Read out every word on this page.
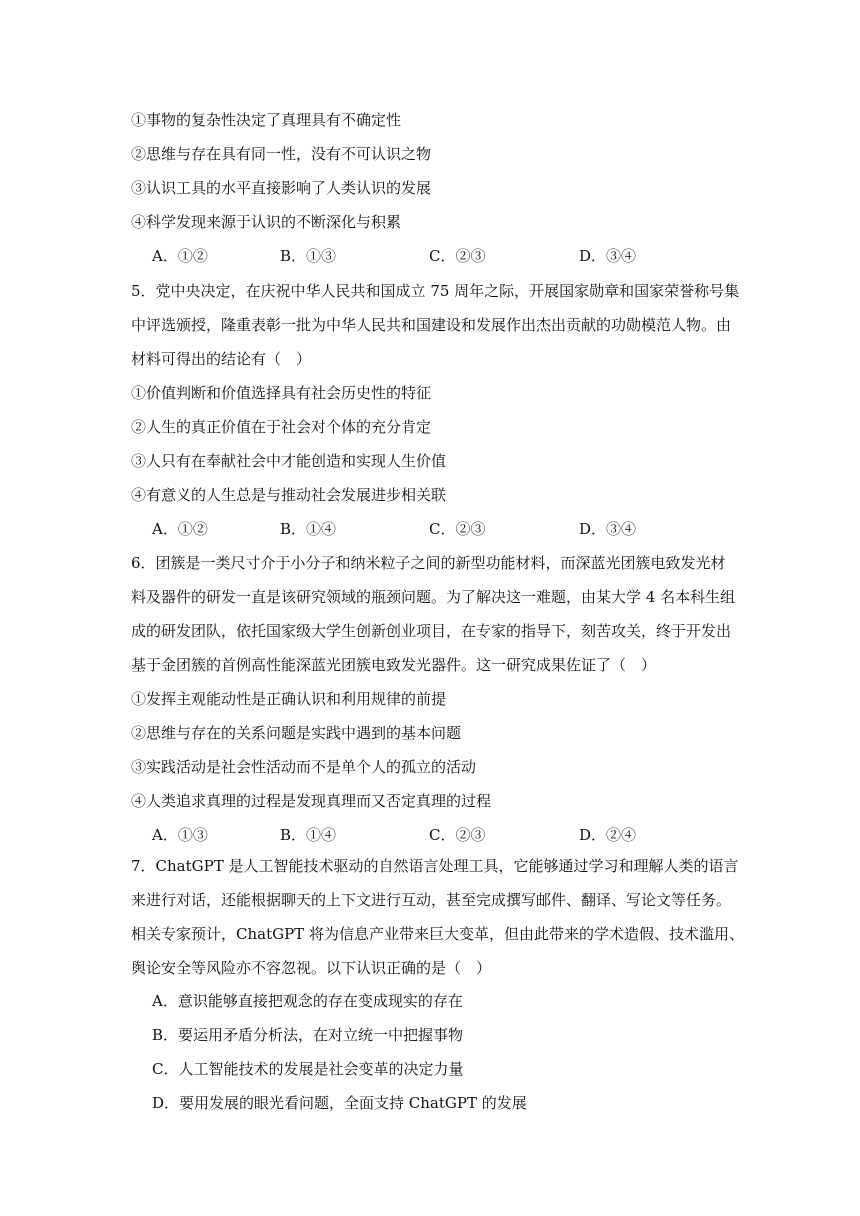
①事物的复杂性决定了真理具有不确定性
②思维与存在具有同一性，没有不可认识之物
③认识工具的水平直接影响了人类认识的发展
④科学发现来源于认识的不断深化与积累
A．①②	B．①③	C．②③	D．③④
5．党中央决定，在庆祝中华人民共和国成立 75 周年之际，开展国家勋章和国家荣誉称号集
中评选颁授，隆重表彰一批为中华人民共和国建设和发展作出杰出贡献的功勋模范人物。由
材料可得出的结论有（　）
①价值判断和价值选择具有社会历史性的特征
②人生的真正价值在于社会对个体的充分肯定
③人只有在奉献社会中才能创造和实现人生价值
④有意义的人生总是与推动社会发展进步相关联
A．①②	B．①④	C．②③	D．③④
6．团簇是一类尺寸介于小分子和纳米粒子之间的新型功能材料，而深蓝光团簇电致发光材
料及器件的研发一直是该研究领域的瓶颈问题。为了解决这一难题，由某大学 4 名本科生组
成的研发团队，依托国家级大学生创新创业项目，在专家的指导下，刻苦攻关，终于开发出
基于金团簇的首例高性能深蓝光团簇电致发光器件。这一研究成果佐证了（　）
①发挥主观能动性是正确认识和利用规律的前提
②思维与存在的关系问题是实践中遇到的基本问题
③实践活动是社会性活动而不是单个人的孤立的活动
④人类追求真理的过程是发现真理而又否定真理的过程
A．①③	B．①④	C．②③	D．②④
7．ChatGPT 是人工智能技术驱动的自然语言处理工具，它能够通过学习和理解人类的语言
来进行对话，还能根据聊天的上下文进行互动，甚至完成撰写邮件、翻译、写论文等任务。
相关专家预计，ChatGPT 将为信息产业带来巨大变革，但由此带来的学术造假、技术滥用、
舆论安全等风险亦不容忽视。以下认识正确的是（　）
A．意识能够直接把观念的存在变成现实的存在
B．要运用矛盾分析法，在对立统一中把握事物
C．人工智能技术的发展是社会变革的决定力量
D．要用发展的眼光看问题，全面支持 ChatGPT 的发展
